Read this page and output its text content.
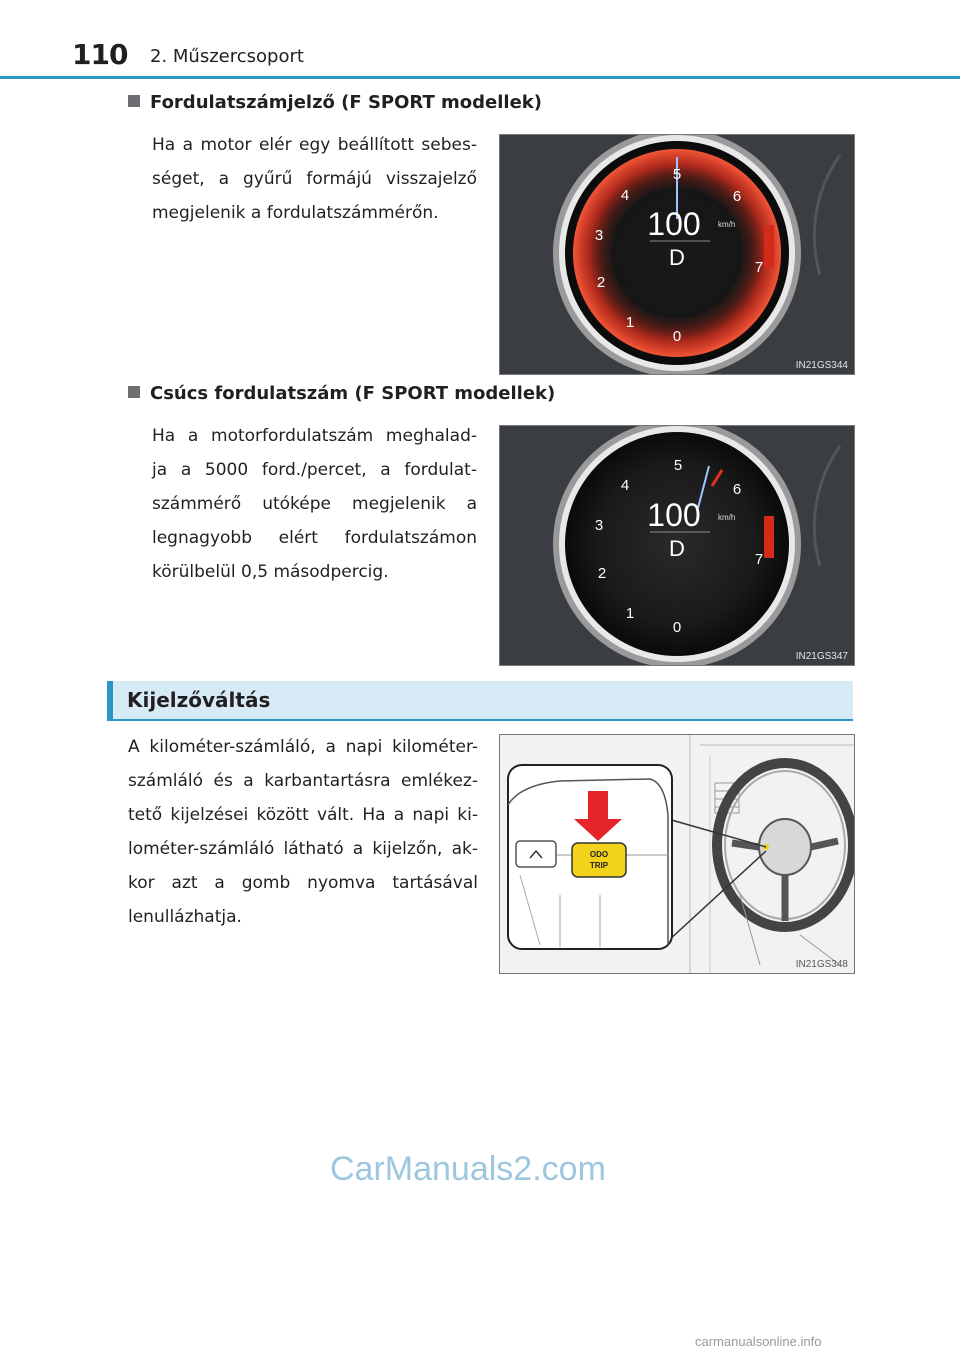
110 2. Műszercsoport
Fordulatszámjelző (F SPORT modellek)
Ha a motor elér egy beállított sebes-
séget, a gyűrű formájú visszajelző
megjelenik a fordulatszámmérőn.
5
6
7
4
3
2
1
0
100 km/h
D
IN21GS344
Csúcs fordulatszám (F SPORT modellek)
Ha a motorfordulatszám meghalad-
ja a 5000 ford./percet, a fordulat-
számmérő utóképe megjelenik a
legnagyobb elért fordulatszámon
körülbelül 0,5 másodpercig.
5
6
7
4
3
2
1
0
100 km/h
D
IN21GS347
Kijelzőváltás
A kilométer-számláló, a napi kilométer-
számláló és a karbantartásra emlékez-
tető kijelzései között vált. Ha a napi ki-
lométer-számláló látható a kijelzőn, ak-
kor azt a gomb nyomva tartásával
lenullázhatja.
ODO
TRIP
IN21GS348
CarManuals2.com
carmanualsonline.info
